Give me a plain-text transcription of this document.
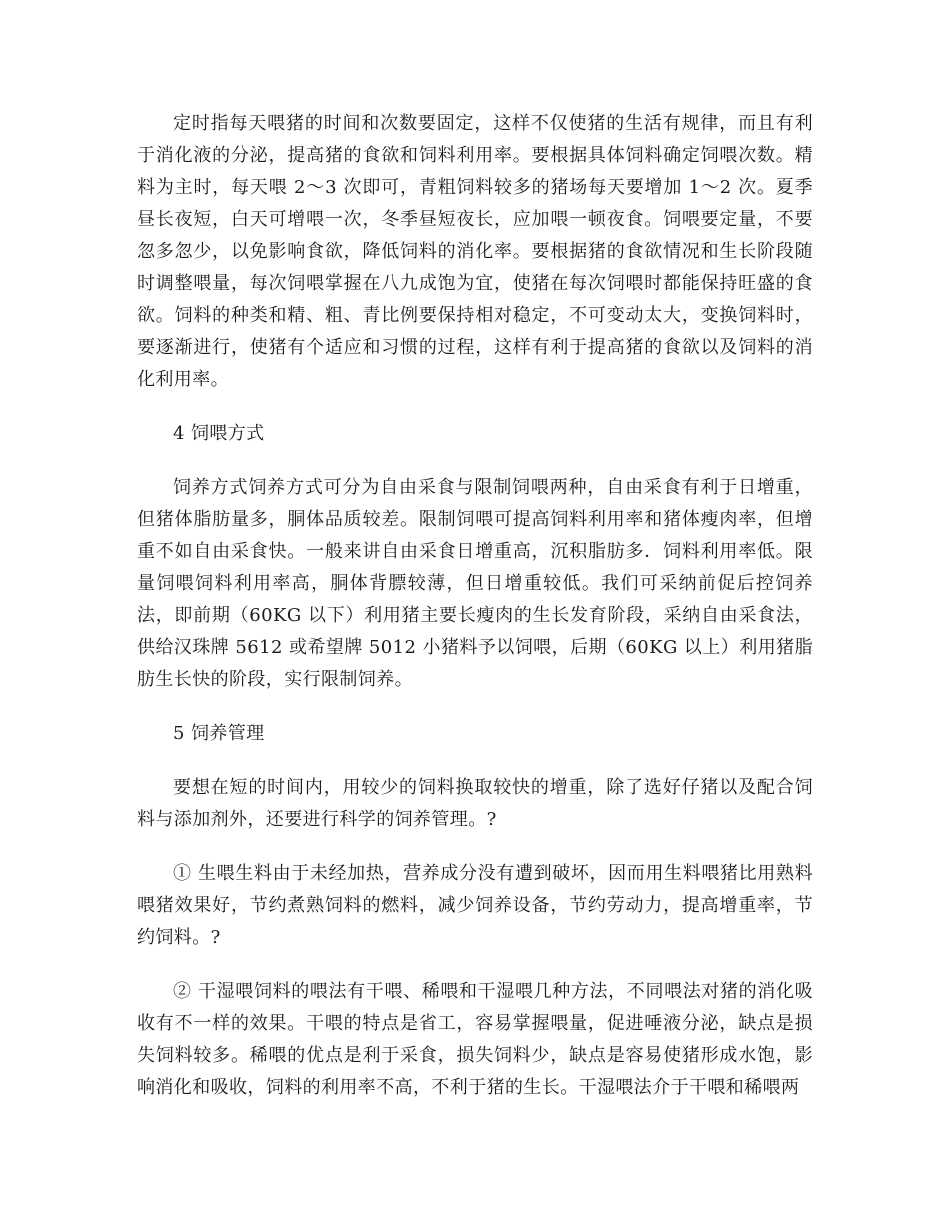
定时指每天喂猪的时间和次数要固定，这样不仅使猪的生活有规律，而且有利于消化液的分泌，提高猪的食欲和饲料利用率。要根据具体饲料确定饲喂次数。精料为主时，每天喂 2～3 次即可，青粗饲料较多的猪场每天要增加 1～2 次。夏季昼长夜短，白天可增喂一次，冬季昼短夜长，应加喂一顿夜食。饲喂要定量，不要忽多忽少，以免影响食欲，降低饲料的消化率。要根据猪的食欲情况和生长阶段随时调整喂量，每次饲喂掌握在八九成饱为宜，使猪在每次饲喂时都能保持旺盛的食欲。饲料的种类和精、粗、青比例要保持相对稳定，不可变动太大，变换饲料时，要逐渐进行，使猪有个适应和习惯的过程，这样有利于提高猪的食欲以及饲料的消化利用率。

4 饲喂方式

饲养方式饲养方式可分为自由采食与限制饲喂两种，自由采食有利于日增重，但猪体脂肪量多，胴体品质较差。限制饲喂可提高饲料利用率和猪体瘦肉率，但增重不如自由采食快。一般来讲自由采食日增重高，沉积脂肪多．饲料利用率低。限量饲喂饲料利用率高，胴体背膘较薄，但日增重较低。我们可采纳前促后控饲养法，即前期（60KG 以下）利用猪主要长瘦肉的生长发育阶段，采纳自由采食法，供给汉珠牌 5612 或希望牌 5012 小猪料予以饲喂，后期（60KG 以上）利用猪脂肪生长快的阶段，实行限制饲养。

5 饲养管理

要想在短的时间内，用较少的饲料换取较快的增重，除了选好仔猪以及配合饲料与添加剂外，还要进行科学的饲养管理。?

① 生喂生料由于未经加热，营养成分没有遭到破坏，因而用生料喂猪比用熟料喂猪效果好，节约煮熟饲料的燃料，减少饲养设备，节约劳动力，提高增重率，节约饲料。?

② 干湿喂饲料的喂法有干喂、稀喂和干湿喂几种方法，不同喂法对猪的消化吸收有不一样的效果。干喂的特点是省工，容易掌握喂量，促进唾液分泌，缺点是损失饲料较多。稀喂的优点是利于采食，损失饲料少，缺点是容易使猪形成水饱，影响消化和吸收，饲料的利用率不高，不利于猪的生长。干湿喂法介于干喂和稀喂两
